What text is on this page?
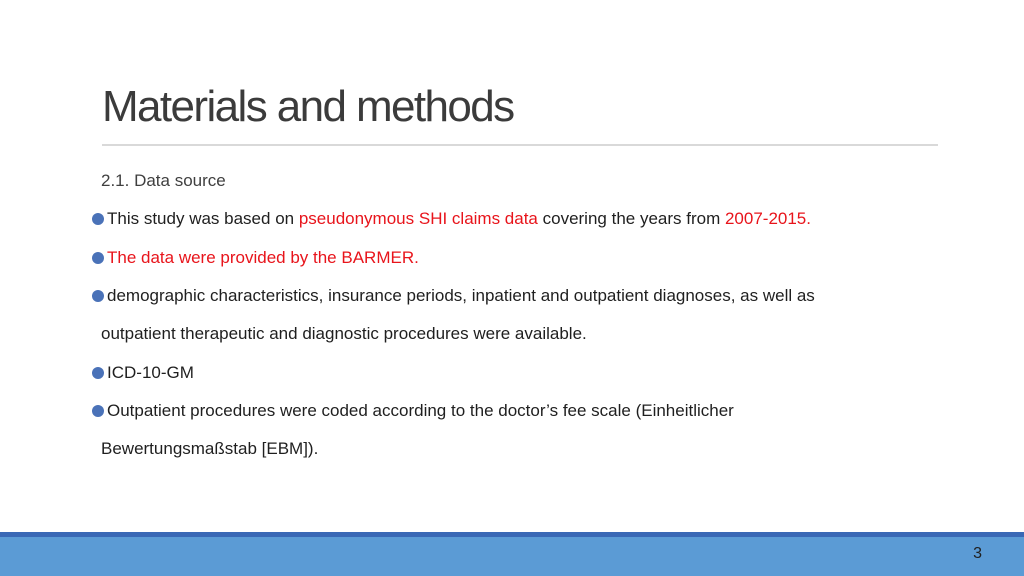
Materials and methods
2.1. Data source
This study was based on pseudonymous SHI claims data covering the years from 2007-2015.
The data were provided by the BARMER.
demographic characteristics, insurance periods, inpatient and outpatient diagnoses, as well as
outpatient therapeutic and diagnostic procedures were available.
ICD-10-GM
Outpatient procedures were coded according to the doctor’s fee scale (Einheitlicher
Bewertungsmaßstab [EBM]).
3
